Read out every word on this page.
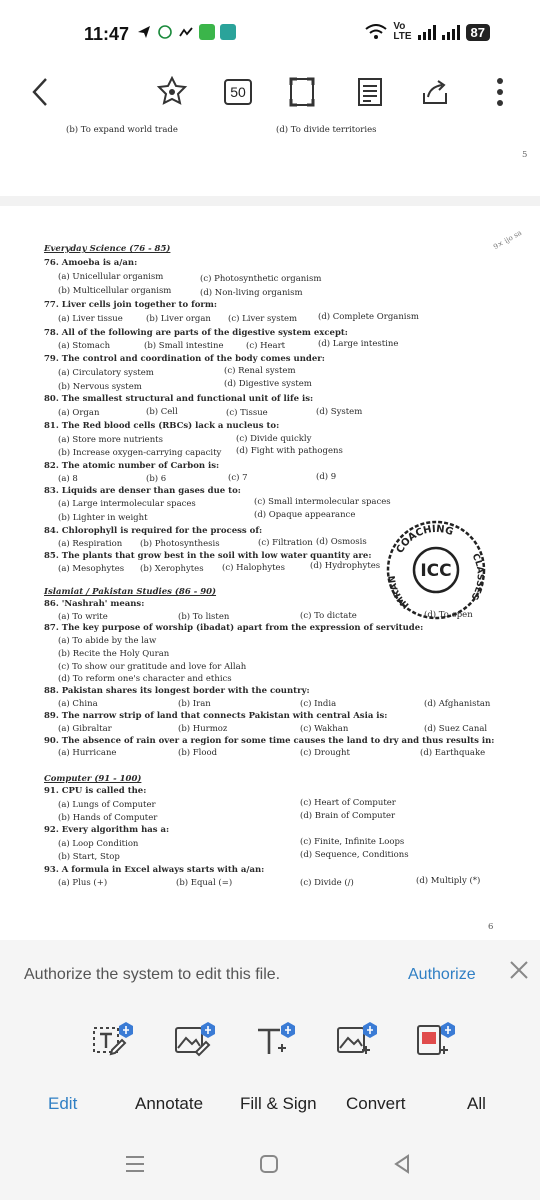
11:47	Vo
LTE	87
50
(b) To expand world trade	(d) To divide territories
5
Everyday Science (76 - 85)
76. Amoeba is a/an:
(a) Unicellular organism	(c) Photosynthetic organism
(b) Multicellular organism	(d) Non-living organism
77. Liver cells join together to form:
(a) Liver tissue	(b) Liver organ (c) Liver system (d) Complete Organism
78. All of the following are parts of the digestive system except:
(a) Stomach	(b) Small intestine	(c) Heart	(d) Large intestine
79. The control and coordination of the body comes under:
(a) Circulatory system	(c) Renal system
(b) Nervous system	(d) Digestive system
80. The smallest structural and functional unit of life is:
(a) Organ	(b) Cell	(c) Tissue	(d) System
81. The Red blood cells (RBCs) lack a nucleus to:
(a) Store more nutrients	(c) Divide quickly
(b) Increase oxygen-carrying capacity (d) Fight with pathogens
82. The atomic number of Carbon is:
(a) 8	(b) 6	(c) 7	(d) 9
83. Liquids are denser than gases due to:
(a) Large intermolecular spaces	(c) Small intermolecular spaces
(b) Lighter in weight	(d) Opaque appearance
84. Chlorophyll is required for the process of:
(a) Respiration (b) Photosynthesis	(c) Filtration (d) Osmosis
85. The plants that grow best in the soil with low water quantity are:
(a) Mesophytes (b) Xerophytes (c) Halophytes	(d) Hydrophytes
Islamiat / Pakistan Studies (86 - 90)
86. 'Nashrah' means:
(a) To write	(b) To listen	(c) To dictate	(d) To open
87. The key purpose of worship (ibadat) apart from the expression of servitude:
(a) To abide by the law
(b) Recite the Holy Quran
(c) To show our gratitude and love for Allah
(d) To reform one's character and ethics
88. Pakistan shares its longest border with the country:
(a) China	(b) Iran	(c) India	(d) Afghanistan
89. The narrow strip of land that connects Pakistan with central Asia is:
(a) Gibraltar	(b) Hurmoz	(c) Wakhan	(d) Suez Canal
90. The absence of rain over a region for some time causes the land to dry and thus results in:
(a) Hurricane	(b) Flood	(c) Drought	(d) Earthquake
Computer (91 - 100)
91. CPU is called the:
(a) Lungs of Computer	(c) Heart of Computer
(b) Hands of Computer	(d) Brain of Computer
92. Every algorithm has a:
(a) Loop Condition	(c) Finite, Infinite Loops
(b) Start, Stop	(d) Sequence, Conditions
93. A formula in Excel always starts with a/an:
(a) Plus (+)	(b) Equal (=)	(c) Divide (/)	(d) Multiply (*)
9× ijo sa
6
COACHING
IMRAN
CLASSES
ICC
Authorize the system to edit this file.	Authorize
Edit	Annotate Fill & Sign Convert	All
